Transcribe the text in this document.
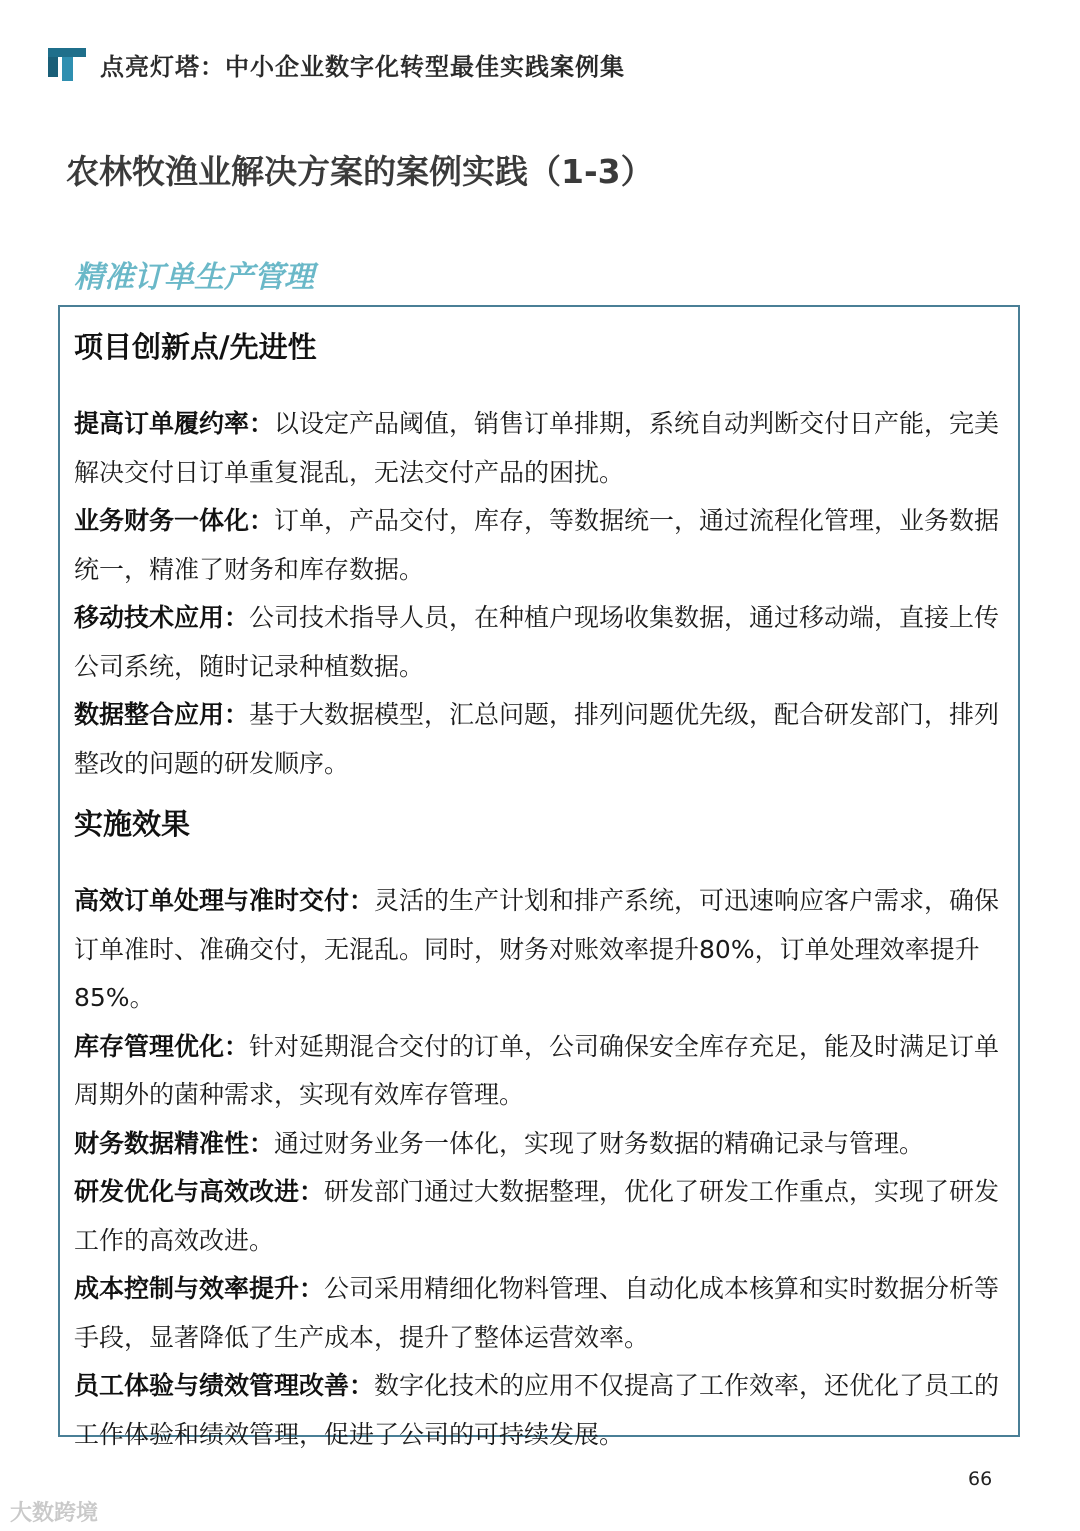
点亮灯塔：中小企业数字化转型最佳实践案例集
农林牧渔业解决方案的案例实践（1-3）
精准订单生产管理
项目创新点/先进性

提高订单履约率：以设定产品阈值，销售订单排期，系统自动判断交付日产能，完美解决交付日订单重复混乱，无法交付产品的困扰。

业务财务一体化：订单，产品交付，库存，等数据统一，通过流程化管理，业务数据统一，精准了财务和库存数据。

移动技术应用：公司技术指导人员，在种植户现场收集数据，通过移动端，直接上传公司系统，随时记录种植数据。

数据整合应用：基于大数据模型，汇总问题，排列问题优先级，配合研发部门，排列整改的问题的研发顺序。

实施效果

高效订单处理与准时交付：灵活的生产计划和排产系统，可迅速响应客户需求，确保订单准时、准确交付，无混乱。同时，财务对账效率提升80%，订单处理效率提升85%。

库存管理优化：针对延期混合交付的订单，公司确保安全库存充足，能及时满足订单周期外的菌种需求，实现有效库存管理。

财务数据精准性：通过财务业务一体化，实现了财务数据的精确记录与管理。

研发优化与高效改进：研发部门通过大数据整理，优化了研发工作重点，实现了研发工作的高效改进。

成本控制与效率提升：公司采用精细化物料管理、自动化成本核算和实时数据分析等手段，显著降低了生产成本，提升了整体运营效率。

员工体验与绩效管理改善：数字化技术的应用不仅提高了工作效率，还优化了员工的工作体验和绩效管理，促进了公司的可持续发展。

66
大数跨境
